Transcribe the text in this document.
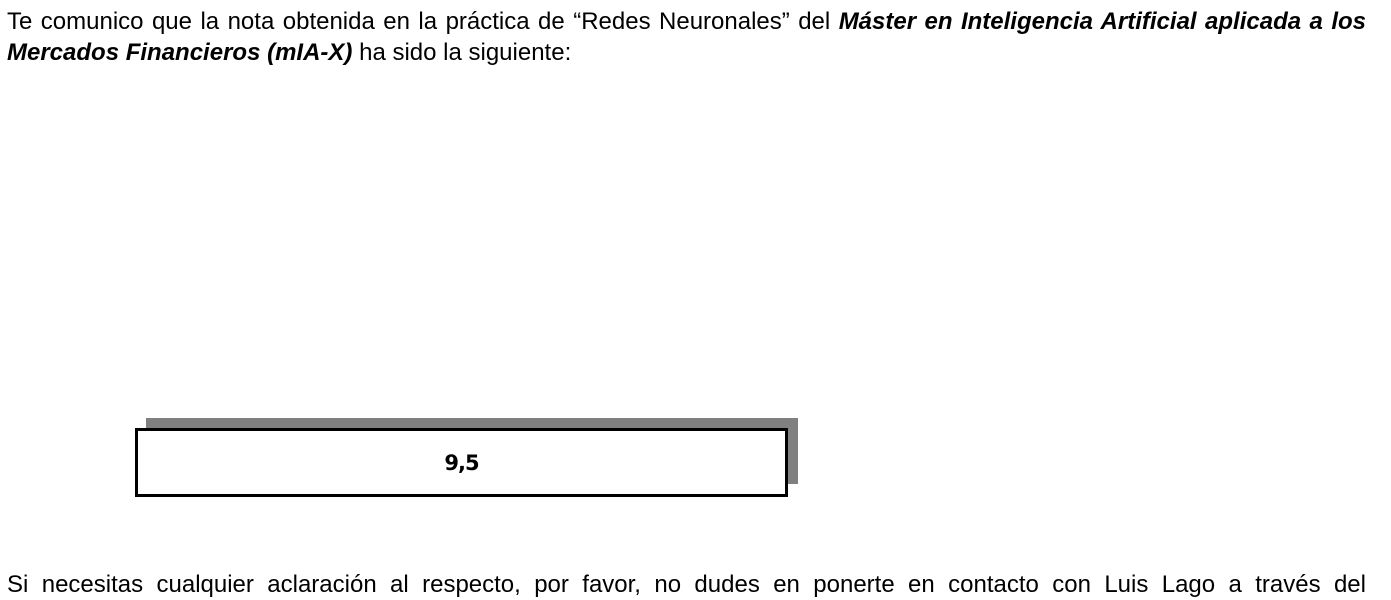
Te comunico que la nota obtenida en la práctica de “Redes Neuronales” del Máster en Inteligencia Artificial aplicada a los Mercados Financieros (mIA-X) ha sido la siguiente:

9,5

Si necesitas cualquier aclaración al respecto, por favor, no dudes en ponerte en contacto con Luis Lago a través del
